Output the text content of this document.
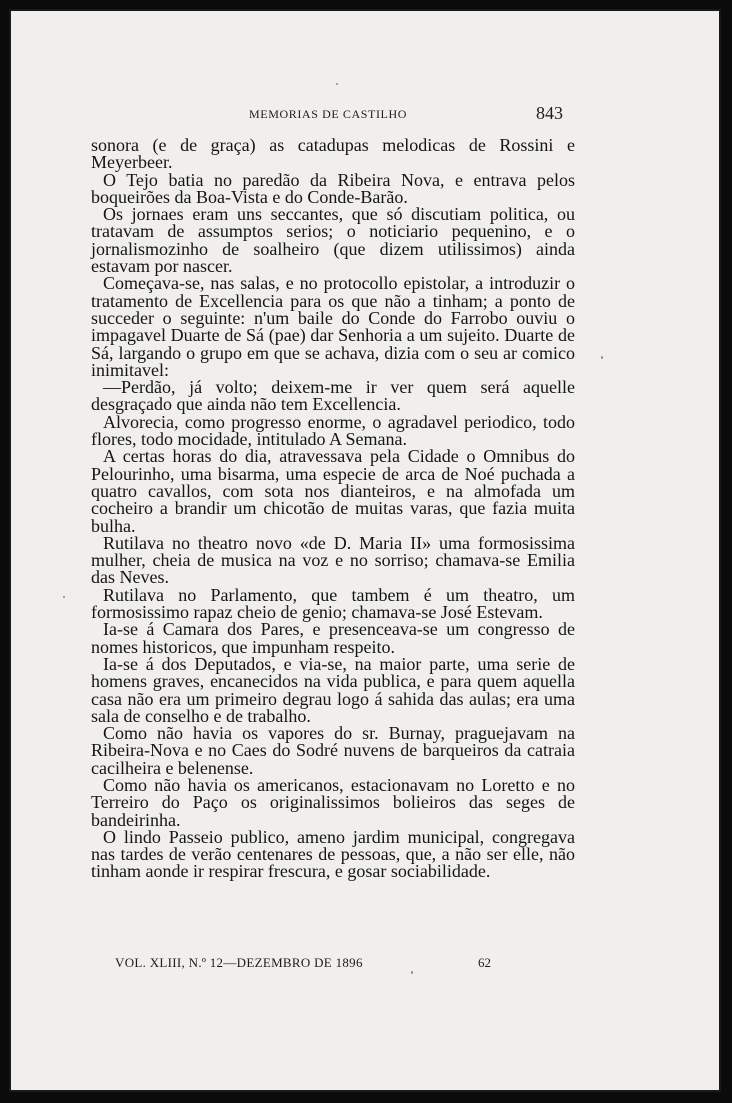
MEMORIAS DE CASTILHO	843

sonora (e de graça) as catadupas melodicas de Rossini e Meyerbeer.

O Tejo batia no paredão da Ribeira Nova, e entrava pelos boqueirões da Boa-Vista e do Conde-Barão.

Os jornaes eram uns seccantes, que só discutiam politica, ou tratavam de assumptos serios; o noticiario pequenino, e o jornalismozinho de soalheiro (que dizem utilissimos) ainda estavam por nascer.

Começava-se, nas salas, e no protocollo epistolar, a introduzir o tratamento de Excellencia para os que não a tinham; a ponto de succeder o seguinte: n'um baile do Conde do Farrobo ouviu o impagavel Duarte de Sá (pae) dar Senhoria a um sujeito. Duarte de Sá, largando o grupo em que se achava, dizia com o seu ar comico inimitavel:

—Perdão, já volto; deixem-me ir ver quem será aquelle desgraçado que ainda não tem Excellencia.

Alvorecia, como progresso enorme, o agradavel periodico, todo flores, todo mocidade, intitulado A Semana.

A certas horas do dia, atravessava pela Cidade o Omnibus do Pelourinho, uma bisarma, uma especie de arca de Noé puchada a quatro cavallos, com sota nos dianteiros, e na almofada um cocheiro a brandir um chicotão de muitas varas, que fazia muita bulha.

Rutilava no theatro novo «de D. Maria II» uma formosissima mulher, cheia de musica na voz e no sorriso; chamava-se Emilia das Neves.

Rutilava no Parlamento, que tambem é um theatro, um formosissimo rapaz cheio de genio; chamava-se José Estevam.

Ia-se á Camara dos Pares, e presenceava-se um congresso de nomes historicos, que impunham respeito.

Ia-se á dos Deputados, e via-se, na maior parte, uma serie de homens graves, encanecidos na vida publica, e para quem aquella casa não era um primeiro degrau logo á sahida das aulas; era uma sala de conselho e de trabalho.

Como não havia os vapores do sr. Burnay, praguejavam na Ribeira-Nova e no Caes do Sodré nuvens de barqueiros da catraia cacilheira e belenense.

Como não havia os americanos, estacionavam no Loretto e no Terreiro do Paço os originalissimos bolieiros das seges de bandeirinha.

O lindo Passeio publico, ameno jardim municipal, congregava nas tardes de verão centenares de pessoas, que, a não ser elle, não tinham aonde ir respirar frescura, e gosar sociabilidade.

VOL. XLIII, N.º 12—DEZEMBRO DE 1896	62
